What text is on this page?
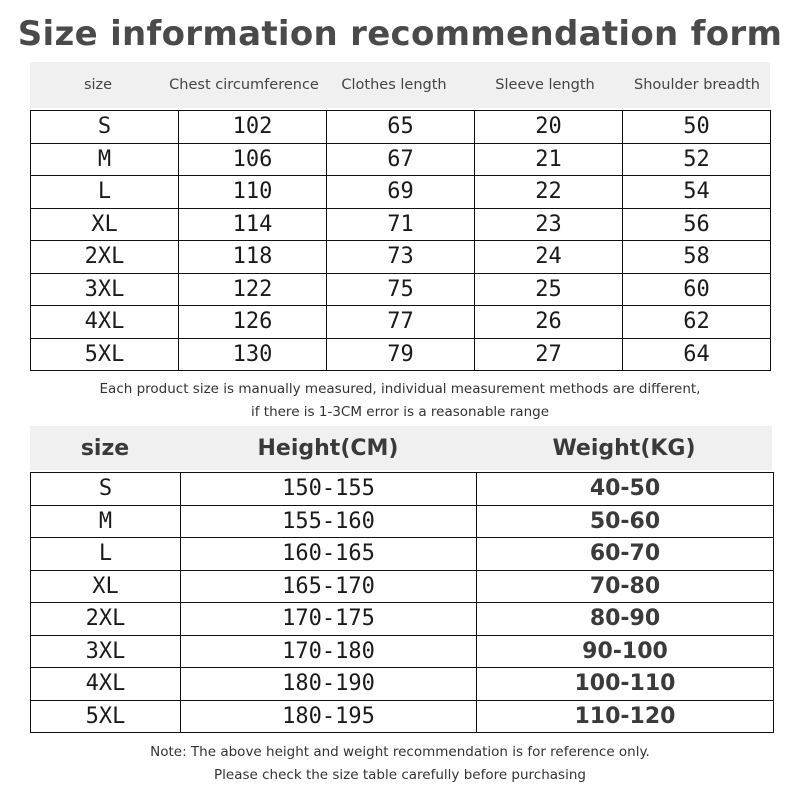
Size information recommendation form
size	Chest circumference	Clothes length	Sleeve length	Shoulder breadth
S	102	65	20	50
M	106	67	21	52
L	110	69	22	54
XL	114	71	23	56
2XL	118	73	24	58
3XL	122	75	25	60
4XL	126	77	26	62
5XL	130	79	27	64
Each product size is manually measured, individual measurement methods are different,
if there is 1-3CM error is a reasonable range
size	Height(CM)	Weight(KG)
S	150-155	40-50
M	155-160	50-60
L	160-165	60-70
XL	165-170	70-80
2XL	170-175	80-90
3XL	170-180	90-100
4XL	180-190	100-110
5XL	180-195	110-120
Note: The above height and weight recommendation is for reference only.
Please check the size table carefully before purchasing
